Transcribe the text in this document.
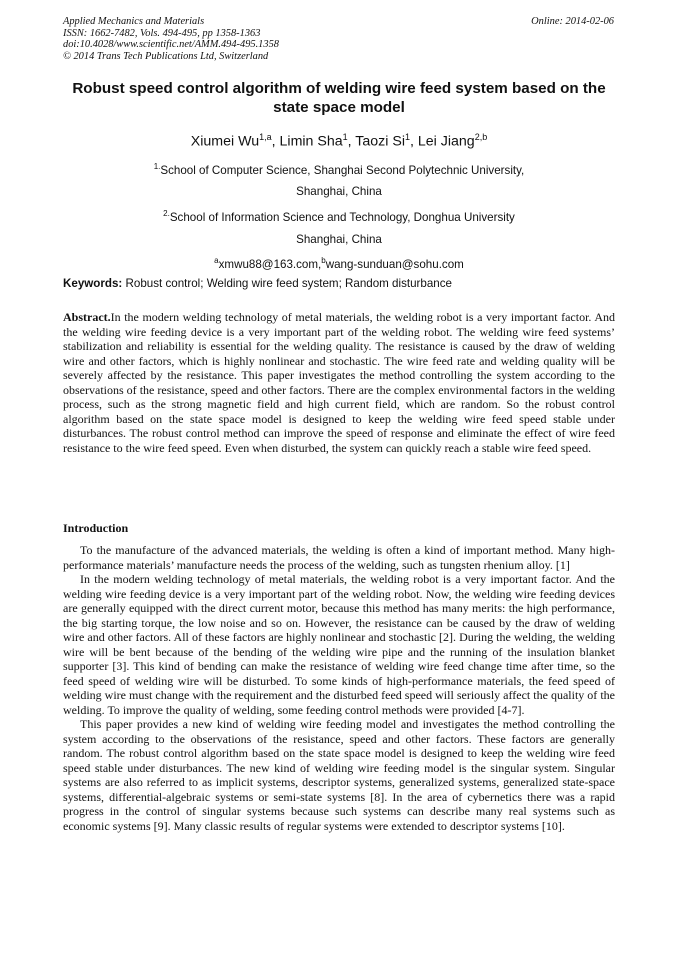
Applied Mechanics and Materials
ISSN: 1662-7482, Vols. 494-495, pp 1358-1363
doi:10.4028/www.scientific.net/AMM.494-495.1358
© 2014 Trans Tech Publications Ltd, Switzerland
Online: 2014-02-06
Robust speed control algorithm of welding wire feed system based on the state space model
Xiumei Wu$^{1,a}$, Limin Sha$^1$, Taozi Si$^1$, Lei Jiang$^{2,b}$
$^{1.}$School of Computer Science, Shanghai Second Polytechnic University,
Shanghai, China
$^{2.}$School of Information Science and Technology, Donghua University
Shanghai, China
$^a$xmwu88@163.com,$^b$wang-sunduan@sohu.com
Keywords: Robust control; Welding wire feed system; Random disturbance
Abstract.In the modern welding technology of metal materials, the welding robot is a very important factor. And the welding wire feeding device is a very important part of the welding robot. The welding wire feed systems’ stabilization and reliability is essential for the welding quality. The resistance is caused by the draw of welding wire and other factors, which is highly nonlinear and stochastic. The wire feed rate and welding quality will be severely affected by the resistance. This paper investigates the method controlling the system according to the observations of the resistance, speed and other factors. There are the complex environmental factors in the welding process, such as the strong magnetic field and high current field, which are random. So the robust control algorithm based on the state space model is designed to keep the welding wire feed speed stable under disturbances. The robust control method can improve the speed of response and eliminate the effect of wire feed resistance to the wire feed speed. Even when disturbed, the system can quickly reach a stable wire feed speed.
Introduction

To the manufacture of the advanced materials, the welding is often a kind of important method. Many high-performance materials’ manufacture needs the process of the welding, such as tungsten rhenium alloy. [1]

In the modern welding technology of metal materials, the welding robot is a very important factor. And the welding wire feeding device is a very important part of the welding robot. Now, the welding wire feeding devices are generally equipped with the direct current motor, because this method has many merits: the high performance, the big starting torque, the low noise and so on. However, the resistance can be caused by the draw of welding wire and other factors. All of these factors are highly nonlinear and stochastic [2]. During the welding, the welding wire will be bent because of the bending of the welding wire pipe and the running of the insulation blanket supporter [3]. This kind of bending can make the resistance of welding wire feed change time after time, so the feed speed of welding wire will be disturbed. To some kinds of high-performance materials, the feed speed of welding wire must change with the requirement and the disturbed feed speed will seriously affect the quality of the welding. To improve the quality of welding, some feeding control methods were provided [4-7].

This paper provides a new kind of welding wire feeding model and investigates the method controlling the system according to the observations of the resistance, speed and other factors. These factors are generally random. The robust control algorithm based on the state space model is designed to keep the welding wire feed speed stable under disturbances. The new kind of welding wire feeding model is the singular system. Singular systems are also referred to as implicit systems, descriptor systems, generalized systems, generalized state-space systems, differential-algebraic systems or semi-state systems [8]. In the area of cybernetics there was a rapid progress in the control of singular systems because such systems can describe many real systems such as economic systems [9]. Many classic results of regular systems were extended to descriptor systems [10].
